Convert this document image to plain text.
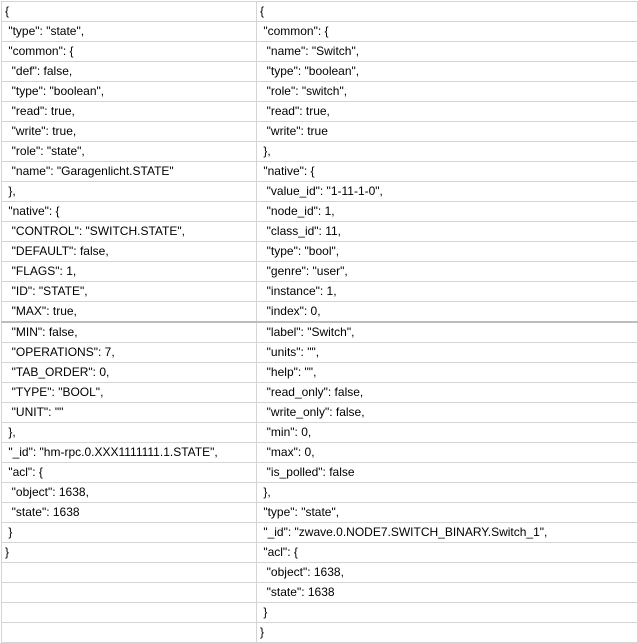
{	{
"type": "state",	"common": {
"common": {	"name": "Switch",
"def": false,	"type": "boolean",
"type": "boolean",	"role": "switch",
"read": true,	"read": true,
"write": true,	"write": true
"role": "state",	},
"name": "Garagenlicht.STATE"	"native": {
},	"value_id": "1-11-1-0",
"native": {	"node_id": 1,
"CONTROL": "SWITCH.STATE",	"class_id": 11,
"DEFAULT": false,	"type": "bool",
"FLAGS": 1,	"genre": "user",
"ID": "STATE",	"instance": 1,
"MAX": true,	"index": 0,
"MIN": false,	"label": "Switch",
"OPERATIONS": 7,	"units": "",
"TAB_ORDER": 0,	"help": "",
"TYPE": "BOOL",	"read_only": false,
"UNIT": ""	"write_only": false,
},	"min": 0,
"_id": "hm-rpc.0.XXX1111111.1.STATE",	"max": 0,
"acl": {	"is_polled": false
"object": 1638,	},
"state": 1638	"type": "state",
}	"_id": "zwave.0.NODE7.SWITCH_BINARY.Switch_1",
}	"acl": {
	"object": 1638,
	"state": 1638
	}
	}
